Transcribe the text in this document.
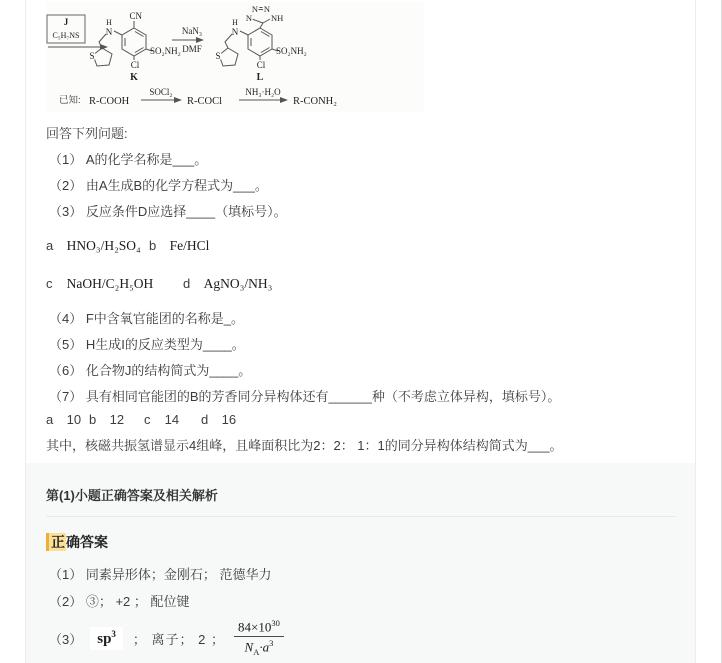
J
C₅H₇NS
CN
SO₂NH₂
Cl
N
H
S
K
NaN₃
DMF
N N
N NH
SO₂NH₂
Cl
N
H
S
L
已知: R-COOH
SOCl₂
R-COCl
NH₃·H₂O
R-CONH₂
回答下列问题:
（1） A的化学名称是___。
（2） 由A生成B的化学方程式为___。
（3） 反应条件D应选择____（填标号）。
a HNO₃/H₂SO₄ b Fe/HCl
c NaOH/C₂H₅OH	d AgNO₃/NH₃
（4） F中含氧官能团的名称是_。
（5） H生成I的反应类型为____。
（6） 化合物J的结构简式为____。
（7） 具有相同官能团的B的芳香同分异构体还有______种（不考虑立体异构，填标号）。
a 10 b 12	c 14	d 16
其中，核磁共振氢谱显示4组峰，且峰面积比为2：2： 1：1的同分异构体结构简式为___。
第(1)小题正确答案及相关解析
正确答案
（1） 同素异形体；金刚石； 范德华力
（2） ③； +2 ； 配位键
（3）	$sp^3$	； 离子； 2 ； $\frac{84\times 10^{30}}{N_A\cdot a^3}$
